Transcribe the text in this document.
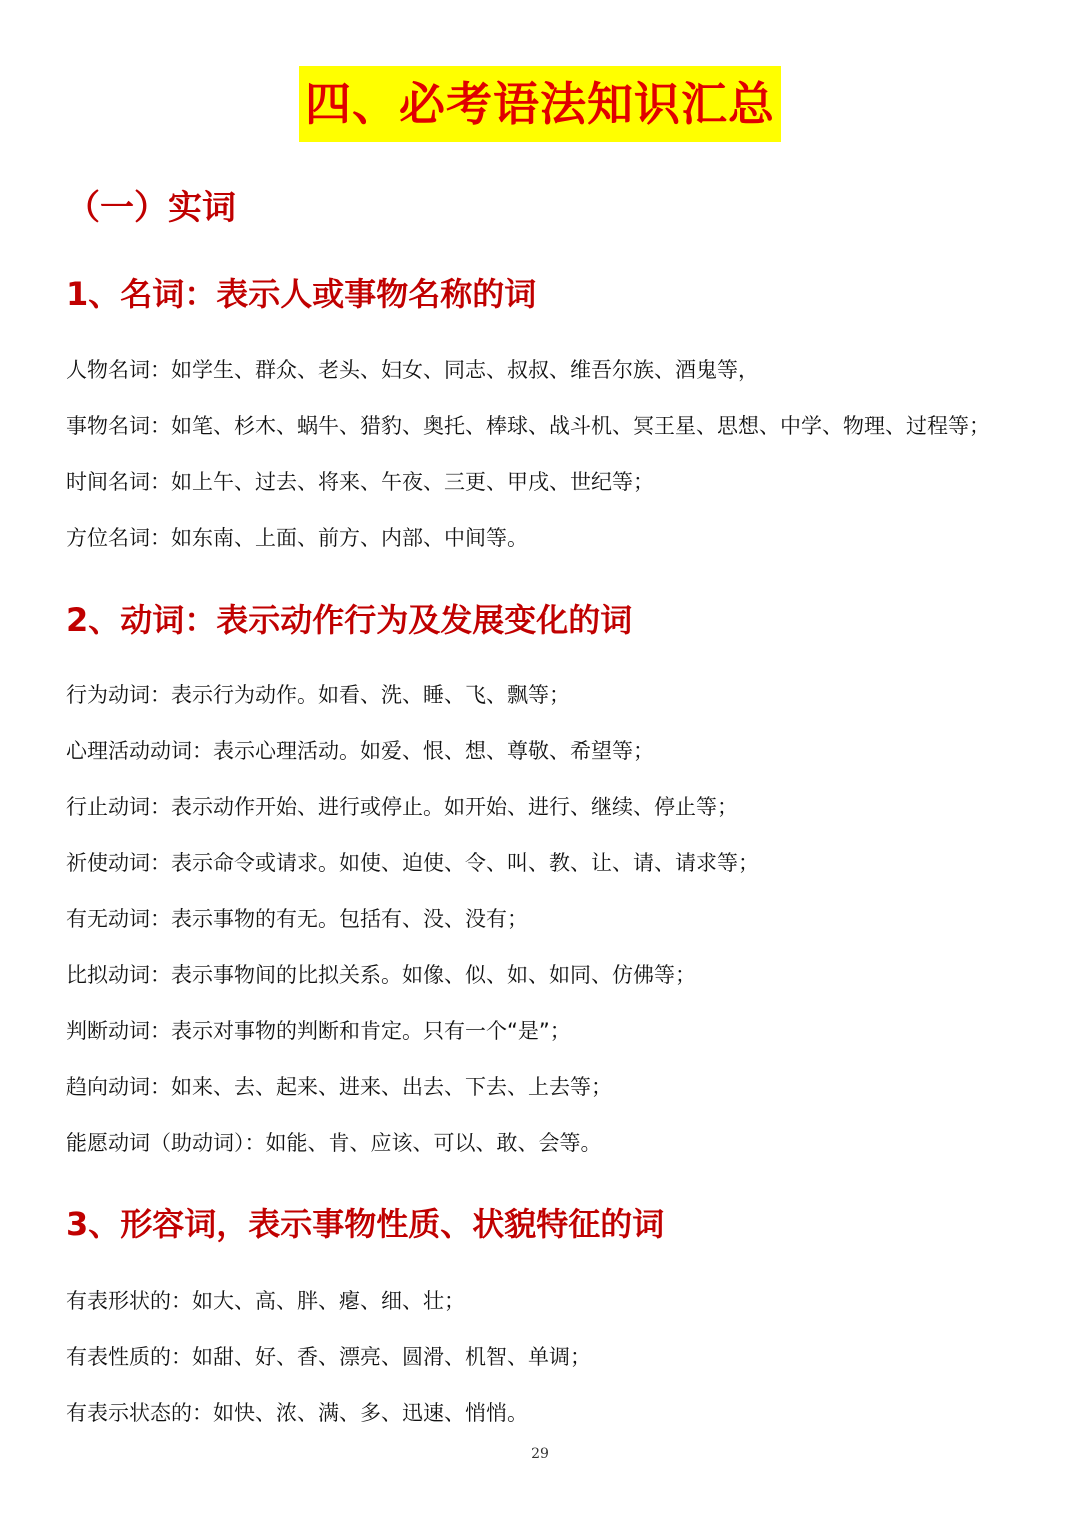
四、必考语法知识汇总
（一）实词
1、名词：表示人或事物名称的词
人物名词：如学生、群众、老头、妇女、同志、叔叔、维吾尔族、酒鬼等，
事物名词：如笔、杉木、蜗牛、猎豹、奥托、棒球、战斗机、冥王星、思想、中学、物理、过程等；
时间名词：如上午、过去、将来、午夜、三更、甲戌、世纪等；
方位名词：如东南、上面、前方、内部、中间等。
2、动词：表示动作行为及发展变化的词
行为动词：表示行为动作。如看、洗、睡、飞、飘等；
心理活动动词：表示心理活动。如爱、恨、想、尊敬、希望等；
行止动词：表示动作开始、进行或停止。如开始、进行、继续、停止等；
祈使动词：表示命令或请求。如使、迫使、令、叫、教、让、请、请求等；
有无动词：表示事物的有无。包括有、没、没有；
比拟动词：表示事物间的比拟关系。如像、似、如、如同、仿佛等；
判断动词：表示对事物的判断和肯定。只有一个“是”；
趋向动词：如来、去、起来、进来、出去、下去、上去等；
能愿动词（助动词）：如能、肯、应该、可以、敢、会等。
3、形容词，表示事物性质、状貌特征的词
有表形状的：如大、高、胖、瘪、细、壮；
有表性质的：如甜、好、香、漂亮、圆滑、机智、单调；
有表示状态的：如快、浓、满、多、迅速、悄悄。
29
